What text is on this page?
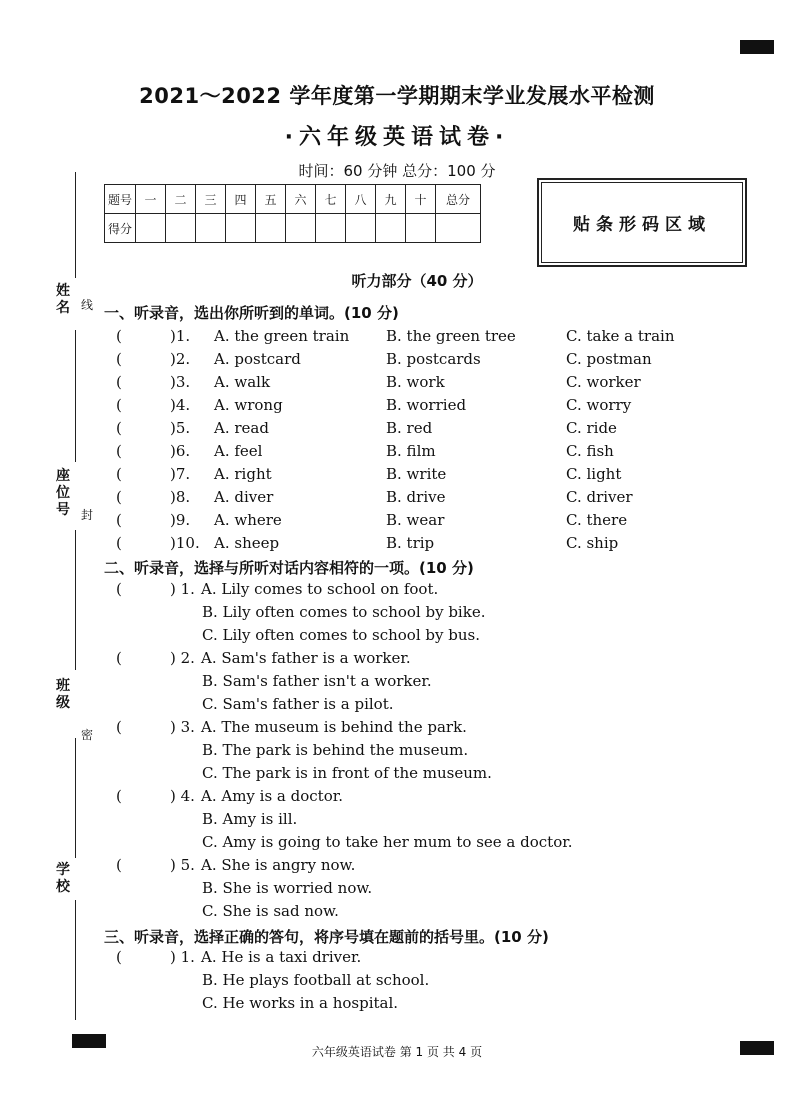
2021～2022 学年度第一学期期末学业发展水平检测
·六年级英语试卷·
时间：60 分钟 总分：100 分
题号	一	二	三	四	五	六	七	八	九	十	总分
得分												贴条形码区域
姓名 线
座位号 封
班级
密
学校
听力部分（40 分）
一、听录音，选出你所听到的单词。(10 分)
(	)1. A. the green train B. the green tree	C. take a train
(	)2. A. postcard	B. postcards	C. postman
(	)3. A. walk	B. work	C. worker
(	)4. A. wrong	B. worried	C. worry
(	)5. A. read	B. red	C. ride
(	)6. A. feel	B. film	C. fish
(	)7. A. right	B. write	C. light
(	)8. A. diver	B. drive	C. driver
(	)9. A. where	B. wear	C. there
(	)10. A. sheep	B. trip	C. ship
二、听录音，选择与所听对话内容相符的一项。(10 分)
(	) 1. A. Lily comes to school on foot.
B. Lily often comes to school by bike.
C. Lily often comes to school by bus.
(	) 2. A. Sam's father is a worker.
B. Sam's father isn't a worker.
C. Sam's father is a pilot.
(	) 3. A. The museum is behind the park.
B. The park is behind the museum.
C. The park is in front of the museum.
(	) 4. A. Amy is a doctor.
B. Amy is ill.
C. Amy is going to take her mum to see a doctor.
(	) 5. A. She is angry now.
B. She is worried now.
C. She is sad now.
三、听录音，选择正确的答句，将序号填在题前的括号里。(10 分)
(	) 1. A. He is a taxi driver.
B. He plays football at school.
C. He works in a hospital.
六年级英语试卷 第 1 页 共 4 页
